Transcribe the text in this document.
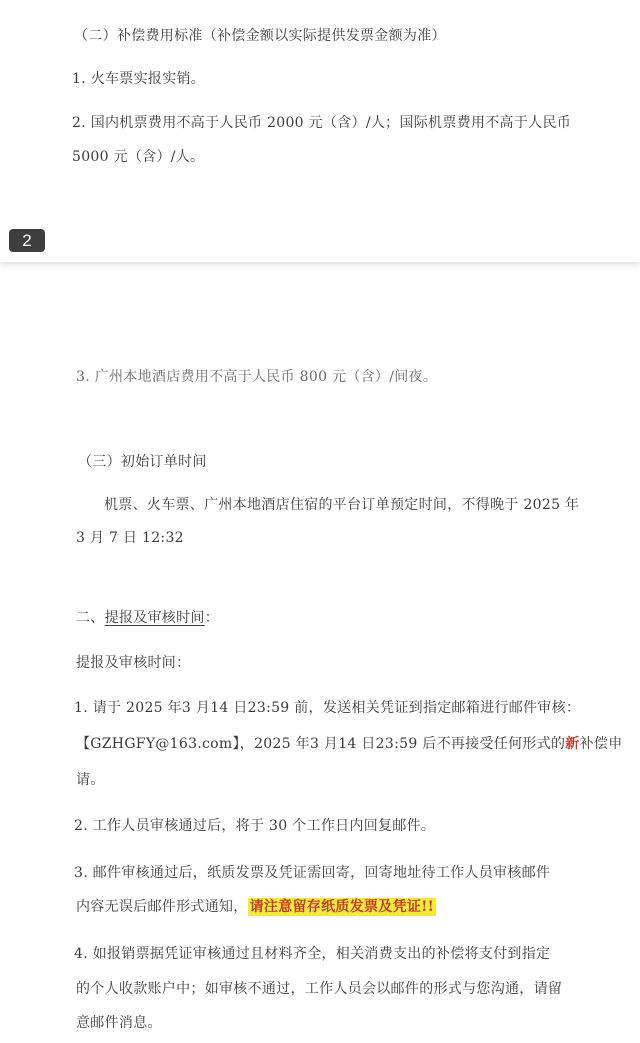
（二）补偿费用标准（补偿金额以实际提供发票金额为准）
1. 火车票实报实销。
2. 国内机票费用不高于人民币 2000 元（含）/人；国际机票费用不高于人民币
5000 元（含）/人。
2
3. 广州本地酒店费用不高于人民币 800 元（含）/间夜。
（三）初始订单时间
机票、火车票、广州本地酒店住宿的平台订单预定时间，不得晚于 2025 年
3 月 7 日 12:32
二、提报及审核时间：
提报及审核时间：
1. 请于 2025 年3 月14 日23:59 前，发送相关凭证到指定邮箱进行邮件审核：
【GZHGFY@163.com】，2025 年3 月14 日23:59 后不再接受任何形式的新补偿申
请。
2. 工作人员审核通过后，将于 30 个工作日内回复邮件。
3. 邮件审核通过后，纸质发票及凭证需回寄，回寄地址待工作人员审核邮件
内容无误后邮件形式通知， 请注意留存纸质发票及凭证!!
4. 如报销票据凭证审核通过且材料齐全，相关消费支出的补偿将支付到指定
的个人收款账户中；如审核不通过，工作人员会以邮件的形式与您沟通，请留
意邮件消息。
